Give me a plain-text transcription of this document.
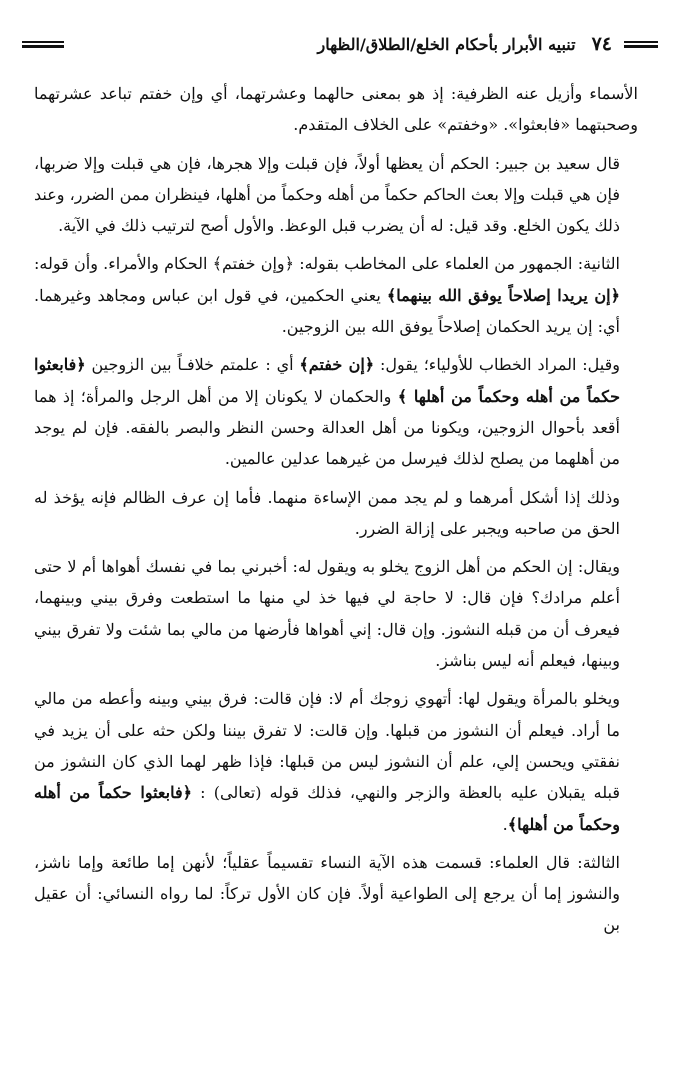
٧٤
تنبيه الأبرار بأحكام الخلع/الطلاق/الظهار

الأسماء وأزيل عنه الظرفية: إذ هو بمعنى حالهما وعشرتهما، أي وإن خفتم تباعد عشرتهما وصحبتهما «فابعثوا». «وخفتم» على الخلاف المتقدم.

قال سعيد بن جبير: الحكم أن يعظها أولاً، فإن قبلت وإلا هجرها، فإن هي قبلت وإلا ضربها، فإن هي قبلت وإلا بعث الحاكم حكماً من أهله وحكماً من أهلها، فينظران ممن الضرر، وعند ذلك يكون الخلع. وقد قيل: له أن يضرب قبل الوعظ. والأول أصح لترتيب ذلك في الآية.

الثانية: الجمهور من العلماء على المخاطب بقوله: ﴿وإن خفتم﴾ الحكام والأمراء. وأن قوله: ﴿إن يريدا إصلاحاً يوفق الله بينهما﴾ يعني الحكمين، في قول ابن عباس ومجاهد وغيرهما. أي: إن يريد الحكمان إصلاحاً يوفق الله بين الزوجين.

وقيل: المراد الخطاب للأولياء؛ يقول: ﴿إن خفتم﴾ أي : علمتم خلافـاً بين الزوجين ﴿فابعثوا حكماً من أهله وحكماً من أهلها ﴾ والحكمان لا يكونان إلا من أهل الرجل والمرأة؛ إذ هما أقعد بأحوال الزوجين، ويكونا من أهل العدالة وحسن النظر والبصر بالفقه. فإن لم يوجد من أهلهما من يصلح لذلك فيرسل من غيرهما عدلين عالمين.

وذلك إذا أشكل أمرهما و لم يجد ممن الإساءة منهما. فأما إن عرف الظالم فإنه يؤخذ له الحق من صاحبه ويجبر على إزالة الضرر.

ويقال: إن الحكم من أهل الزوج يخلو به ويقول له: أخبرني بما في نفسك أهواها أم لا حتى أعلم مرادك؟ فإن قال: لا حاجة لي فيها خذ لي منها ما استطعت وفرق بيني وبينهما، فيعرف أن من قبله النشوز. وإن قال: إني أهواها فأرضها من مالي بما شئت ولا تفرق بيني وبينها، فيعلم أنه ليس بناشز.

ويخلو بالمرأة ويقول لها: أتهوي زوجك أم لا: فإن قالت: فرق بيني وبينه وأعطه من مالي ما أراد. فيعلم أن النشوز من قبلها. وإن قالت: لا تفرق بيننا ولكن حثه على أن يزيد في نفقتي ويحسن إلي، علم أن النشوز ليس من قبلها: فإذا ظهر لهما الذي كان النشوز من قبله يقبلان عليه بالعظة والزجر والنهي، فذلك قوله (تعالى) : ﴿فابعثوا حكماً من أهله وحكماً من أهلها﴾.

الثالثة: قال العلماء: قسمت هذه الآية النساء تقسيماً عقلياً؛ لأنهن إما طائعة وإما ناشز، والنشوز إما أن يرجع إلى الطواعية أولاً. فإن كان الأول تركاً: لما رواه النسائي: أن عقيل بن
